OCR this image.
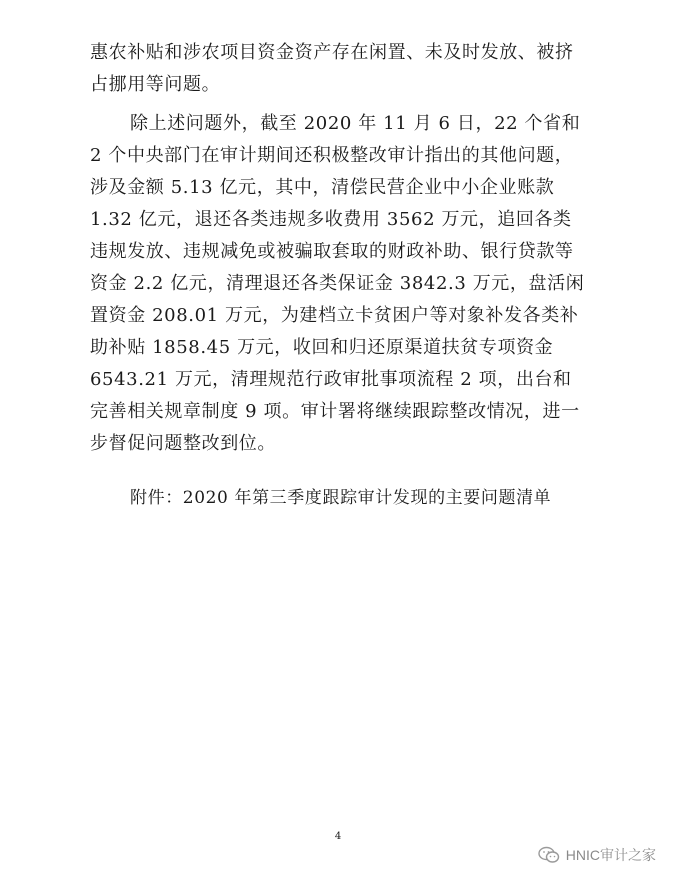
惠农补贴和涉农项目资金资产存在闲置、未及时发放、被挤占挪用等问题。

除上述问题外，截至 2020 年 11 月 6 日，22 个省和 2 个中央部门在审计期间还积极整改审计指出的其他问题，涉及金额 5.13 亿元，其中，清偿民营企业中小企业账款 1.32 亿元，退还各类违规多收费用 3562 万元，追回各类违规发放、违规减免或被骗取套取的财政补助、银行贷款等资金 2.2 亿元，清理退还各类保证金 3842.3 万元，盘活闲置资金 208.01 万元，为建档立卡贫困户等对象补发各类补助补贴 1858.45 万元，收回和归还原渠道扶贫专项资金 6543.21 万元，清理规范行政审批事项流程 2 项，出台和完善相关规章制度 9 项。审计署将继续跟踪整改情况，进一步督促问题整改到位。

附件：2020 年第三季度跟踪审计发现的主要问题清单
4
HNIC审计之家
